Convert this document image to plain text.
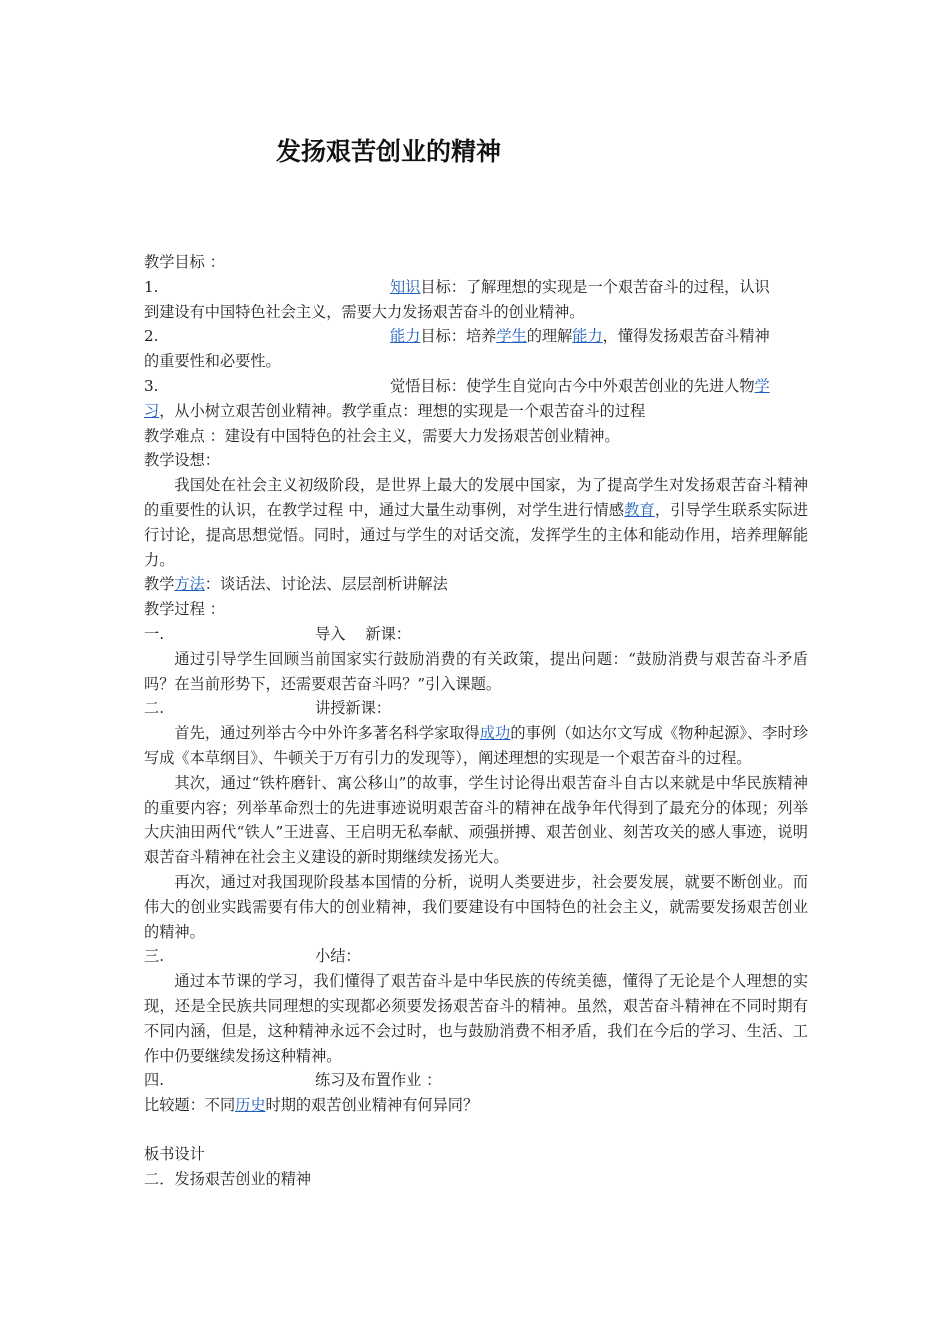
发扬艰苦创业的精神
教学目标 ：
1.	知识目标：了解理想的实现是一个艰苦奋斗的过程，认识
到建设有中国特色社会主义，需要大力发扬艰苦奋斗的创业精神。
2.	能力目标：培养学生的理解能力，懂得发扬艰苦奋斗精神
的重要性和必要性。
3.	觉悟目标：使学生自觉向古今中外艰苦创业的先进人物学
习，从小树立艰苦创业精神。教学重点：理想的实现是一个艰苦奋斗的过程
教学难点 ：建设有中国特色的社会主义，需要大力发扬艰苦创业精神。
教学设想：
我国处在社会主义初级阶段，是世界上最大的发展中国家，为了提高学生对发扬艰苦奋斗精神的重要性的认识，在教学过程 中，通过大量生动事例，对学生进行情感教育，引导学生联系实际进行讨论，提高思想觉悟。同时，通过与学生的对话交流，发挥学生的主体和能动作用，培养理解能力。
教学方法：谈话法、讨论法、层层剖析讲解法
教学过程 ：
一.	导入　 新课：
通过引导学生回顾当前国家实行鼓励消费的有关政策，提出问题：“鼓励消费与艰苦奋斗矛盾吗？在当前形势下，还需要艰苦奋斗吗？”引入课题。
二.	讲授新课：
首先，通过列举古今中外许多著名科学家取得成功的事例（如达尔文写成《物种起源》、李时珍写成《本草纲目》、牛顿关于万有引力的发现等），阐述理想的实现是一个艰苦奋斗的过程。
其次，通过“铁杵磨针、寓公移山”的故事，学生讨论得出艰苦奋斗自古以来就是中华民族精神的重要内容；列举革命烈士的先进事迹说明艰苦奋斗的精神在战争年代得到了最充分的体现；列举大庆油田两代“铁人”王进喜、王启明无私奉献、顽强拼搏、艰苦创业、刻苦攻关的感人事迹，说明艰苦奋斗精神在社会主义建设的新时期继续发扬光大。
再次，通过对我国现阶段基本国情的分析，说明人类要进步，社会要发展，就要不断创业。而伟大的创业实践需要有伟大的创业精神，我们要建设有中国特色的社会主义，就需要发扬艰苦创业的精神。
三.	小结：
通过本节课的学习，我们懂得了艰苦奋斗是中华民族的传统美德，懂得了无论是个人理想的实现，还是全民族共同理想的实现都必须要发扬艰苦奋斗的精神。虽然，艰苦奋斗精神在不同时期有不同内涵，但是，这种精神永远不会过时，也与鼓励消费不相矛盾，我们在今后的学习、生活、工作中仍要继续发扬这种精神。
四.	练习及布置作业 ：
比较题：不同历史时期的艰苦创业精神有何异同？
板书设计
二．发扬艰苦创业的精神
